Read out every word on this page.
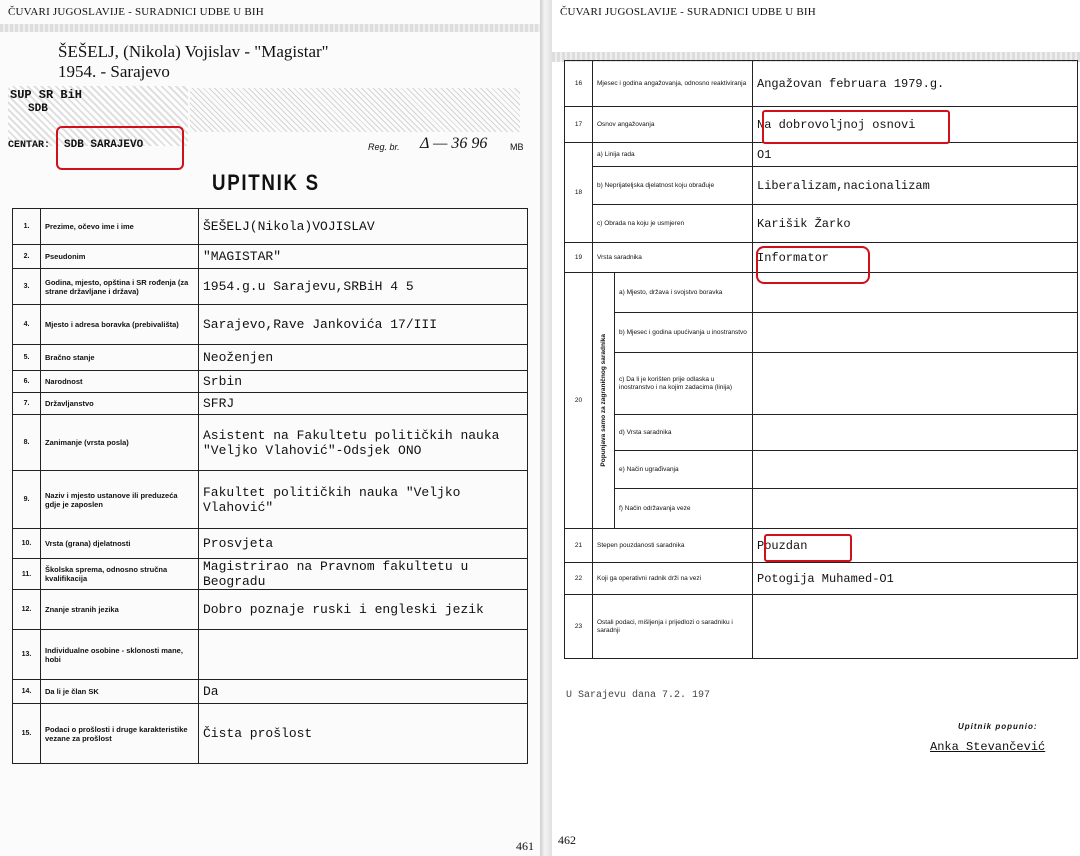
ČUVARI JUGOSLAVIJE - SURADNICI UDBE U BIH
ŠEŠELJ, (Nikola) Vojislav - "Magistar"
1954. - Sarajevo
SUP SR BiH
SDB
CENTAR: SDB SARAJEVO	Reg. br. Δ — 36 96	MB
UPITNIK S
1.	Prezime, očevo ime i ime	ŠEŠELJ(Nikola)VOJISLAV
2.	Pseudonim	"MAGISTAR"
3.	Godina, mjesto, opština i SR rođenja (za strane državljane i država)	1954.g.u Sarajevu,SRBiH 4 5
4.	Mjesto i adresa boravka (prebivališta)	Sarajevo,Rave Jankovića 17/III
5.	Bračno stanje	Neoženjen
6.	Narodnost	Srbin
7.	Državljanstvo	SFRJ
8.	Zanimanje (vrsta posla)	Asistent na Fakultetu političkih nauka "Veljko Vlahović"-Odsjek ONO
9.	Naziv i mjesto ustanove ili preduzeća gdje je zaposlen	Fakultet političkih nauka "Veljko Vlahović"
10.	Vrsta (grana) djelatnosti	Prosvjeta
11.	Školska sprema, odnosno stručna kvalifikacija	Magistrirao na Pravnom fakultetu u Beogradu
12.	Znanje stranih jezika	Dobro poznaje ruski i engleski jezik
13.	Individualne osobine - sklonosti mane, hobi	
14.	Da li je član SK	Da
15.	Podaci o prošlosti i druge karakteristike vezane za prošlost	Čista prošlost
461
ČUVARI JUGOSLAVIJE - SURADNICI UDBE U BIH
16	Mjesec i godina angažovanja, odnosno reaktiviranja		Angažovan februara 1979.g.
17	Osnov angažovanja		Na dobrovoljnoj osnovi
18	a) Linija rada		O1
	b) Neprijateljska djelatnost koju obrađuje		Liberalizam,nacionalizam
	c) Obrada na koju je usmjeren		Karišik Žarko
19	Vrsta saradnika		Informator
20	Popunjava samo za zagraničnog saradnika	a) Mjesto, država i svojstvo boravka	
		b) Mjesec i godina upućivanja u inostranstvo	
		c) Da li je korišten prije odlaska u inostranstvo i na kojim zadacima (linija)	
		d) Vrsta saradnika	
		e) Način ugrađivanja	
		f) Način održavanja veze	
21	Stepen pouzdanosti saradnika		Pouzdan
22	Koji ga operativni radnik drži na vezi		Potogija Muhamed-O1
23	Ostali podaci, mišljenja i prijedlozi o saradniku i saradnji		
U Sarajevu dana 7.2. 197
Upitnik popunio:
Anka Stevančević
462
